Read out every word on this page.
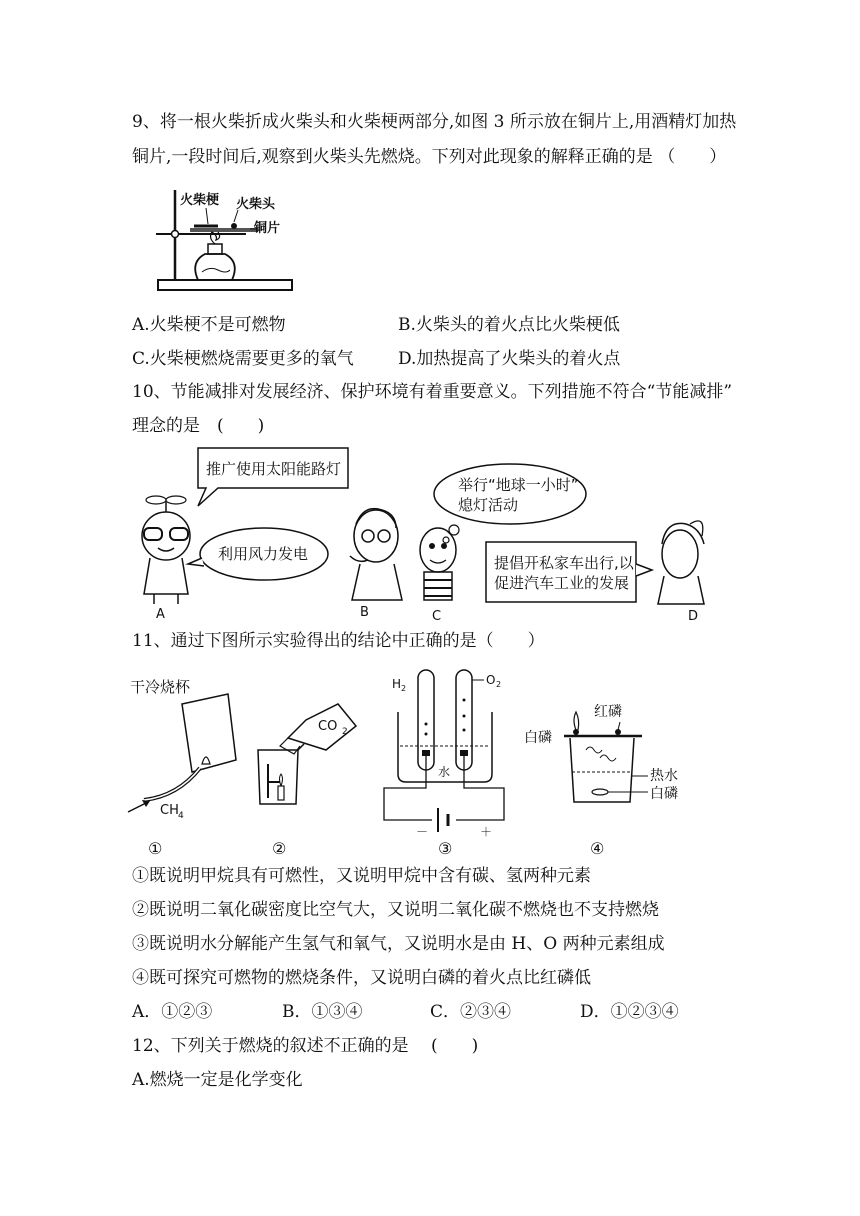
9、将一根火柴折成火柴头和火柴梗两部分,如图 3 所示放在铜片上,用酒精灯加热
铜片,一段时间后,观察到火柴头先燃烧。下列对此现象的解释正确的是 （　　）
火柴梗 火柴头
铜片
A.火柴梗不是可燃物	B.火柴头的着火点比火柴梗低
C.火柴梗燃烧需要更多的氧气	D.加热提高了火柴头的着火点
10、节能减排对发展经济、保护环境有着重要意义。下列措施不符合“节能减排”
理念的是　(　　)
推广使用太阳能路灯
利用风力发电
A	B
举行“地球一小时”
熄灯活动
C
提倡开私家车出行,以
促进汽车工业的发展
D
11、通过下图所示实验得出的结论中正确的是（　　）
干冷烧杯
CH 4
CO 2
H 2
O 2
水
－	＋
红磷
白磷
热水
白磷
①	②	③	④
①既说明甲烷具有可燃性，又说明甲烷中含有碳、氢两种元素
②既说明二氧化碳密度比空气大，又说明二氧化碳不燃烧也不支持燃烧
③既说明水分解能产生氢气和氧气，又说明水是由 H、O 两种元素组成
④既可探究可燃物的燃烧条件，又说明白磷的着火点比红磷低
A．①②③	B．①③④	C．②③④	D．①②③④
12、下列关于燃烧的叙述不正确的是　 (　　)
A.燃烧一定是化学变化
